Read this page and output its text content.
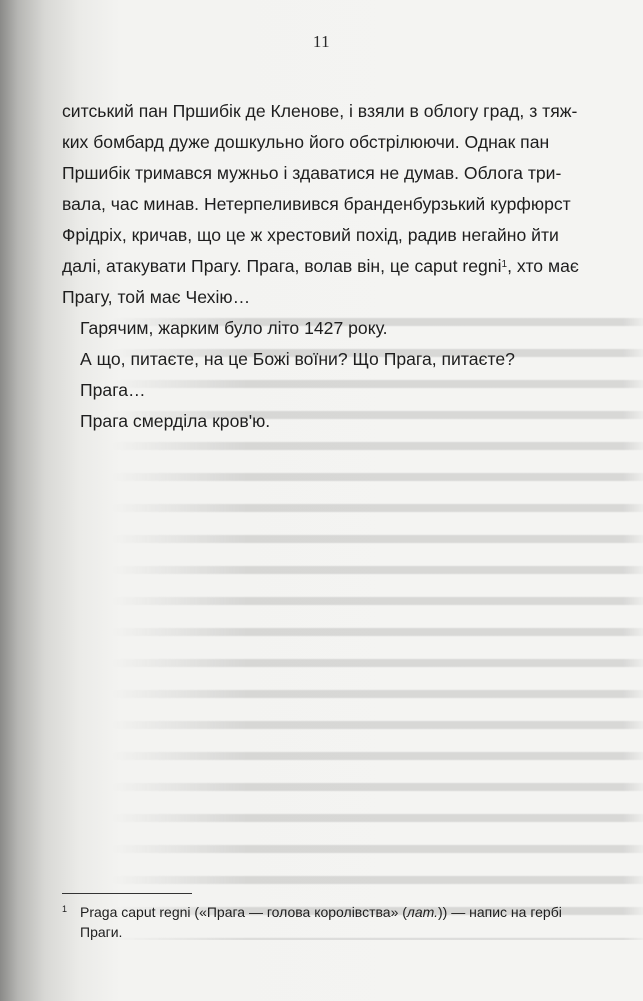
11
ситський пан Пршибік де Кленове, і взяли в облогу град, з тяж-
ких бомбард дуже дошкульно його обстрілюючи. Однак пан
Пршибік тримався мужньо і здаватися не думав. Облога три-
вала, час минав. Нетерпеливився бранденбурзький курфюрст
Фрідріх, кричав, що це ж хрестовий похід, радив негайно йти
далі, атакувати Прагу. Прага, волав він, це caput regni$^1$, хто має
Прагу, той має Чехію…
Гарячим, жарким було літо 1427 року.
А що, питаєте, на це Божі воїни? Що Прага, питаєте?
Прага…
Прага смерділа кров'ю.
1 Praga caput regni («Прага — голова королівства» (лат.)) — напис на гербі
Праги.
